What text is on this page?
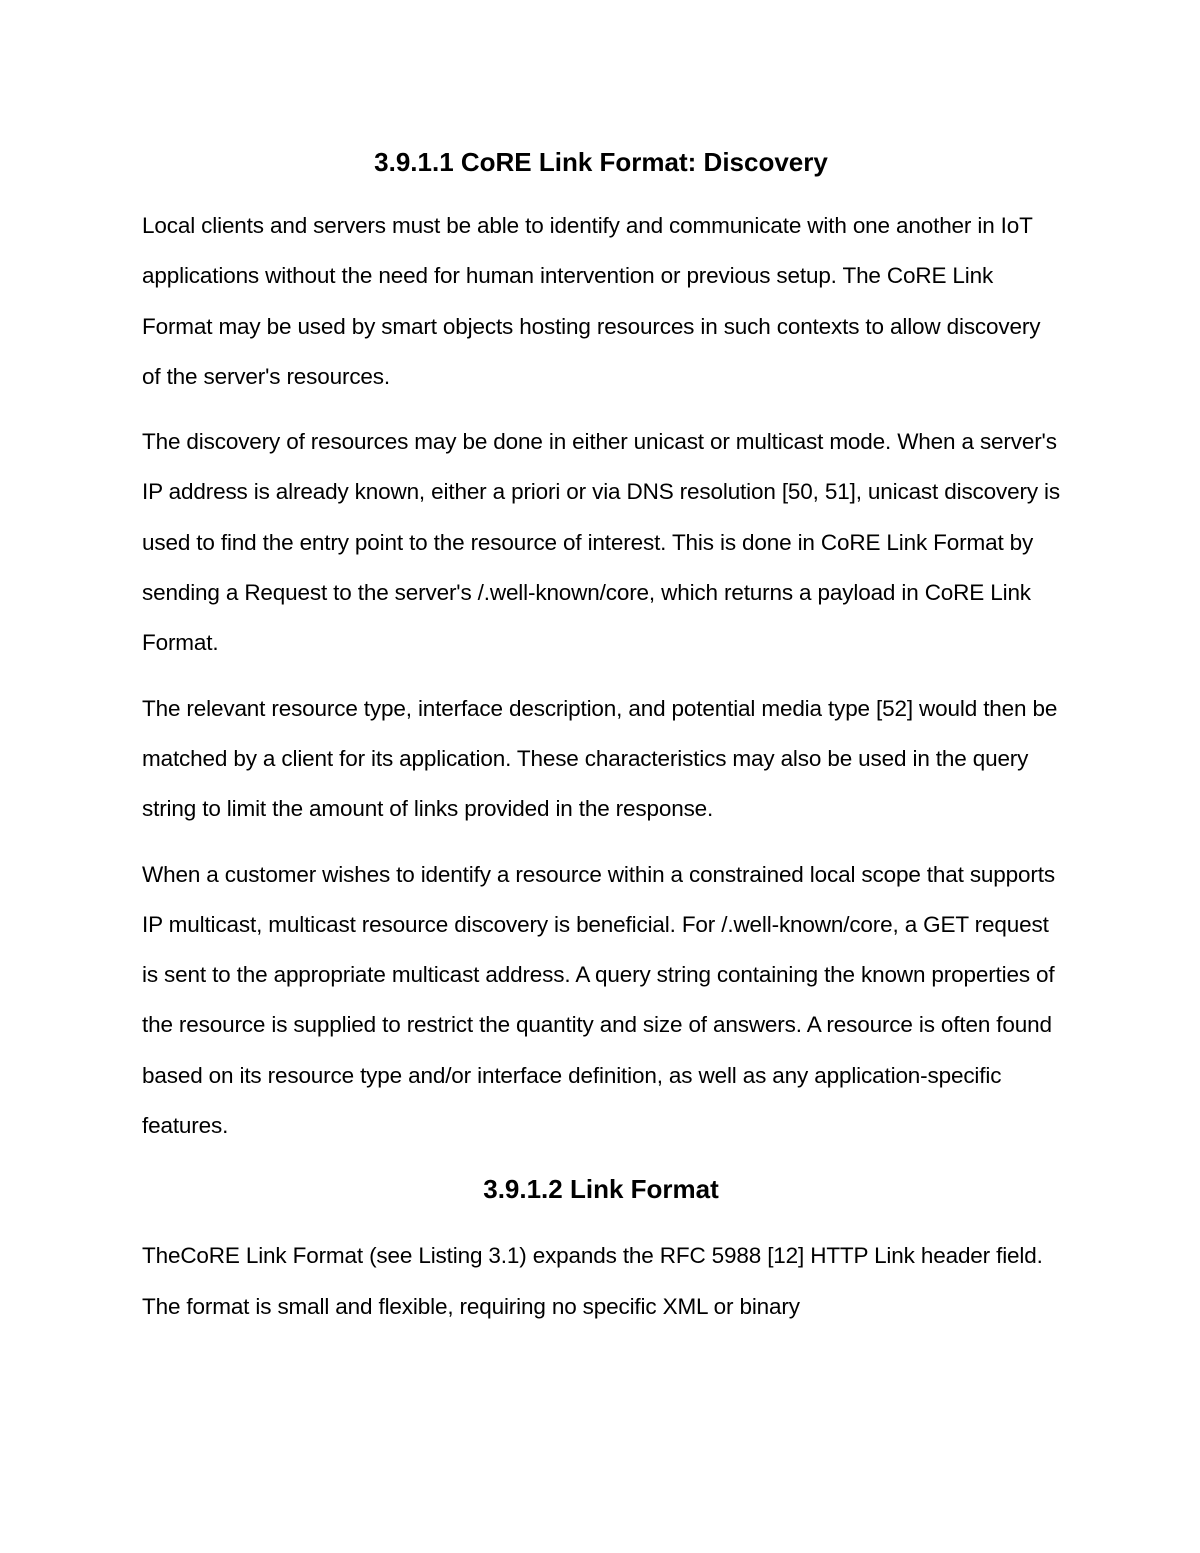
3.9.1.1 CoRE Link Format: Discovery

Local clients and servers must be able to identify and communicate with one another in IoT applications without the need for human intervention or previous setup. The CoRE Link Format may be used by smart objects hosting resources in such contexts to allow discovery of the server's resources.

The discovery of resources may be done in either unicast or multicast mode. When a server's IP address is already known, either a priori or via DNS resolution [50, 51], unicast discovery is used to find the entry point to the resource of interest. This is done in CoRE Link Format by sending a Request to the server's /.well-known/core, which returns a payload in CoRE Link Format.

The relevant resource type, interface description, and potential media type [52] would then be matched by a client for its application. These characteristics may also be used in the query string to limit the amount of links provided in the response.

When a customer wishes to identify a resource within a constrained local scope that supports IP multicast, multicast resource discovery is beneficial. For /.well-known/core, a GET request is sent to the appropriate multicast address. A query string containing the known properties of the resource is supplied to restrict the quantity and size of answers. A resource is often found based on its resource type and/or interface definition, as well as any application-specific features.

3.9.1.2 Link Format

TheCoRE Link Format (see Listing 3.1) expands the RFC 5988 [12] HTTP Link header field. The format is small and flexible, requiring no specific XML or binary
